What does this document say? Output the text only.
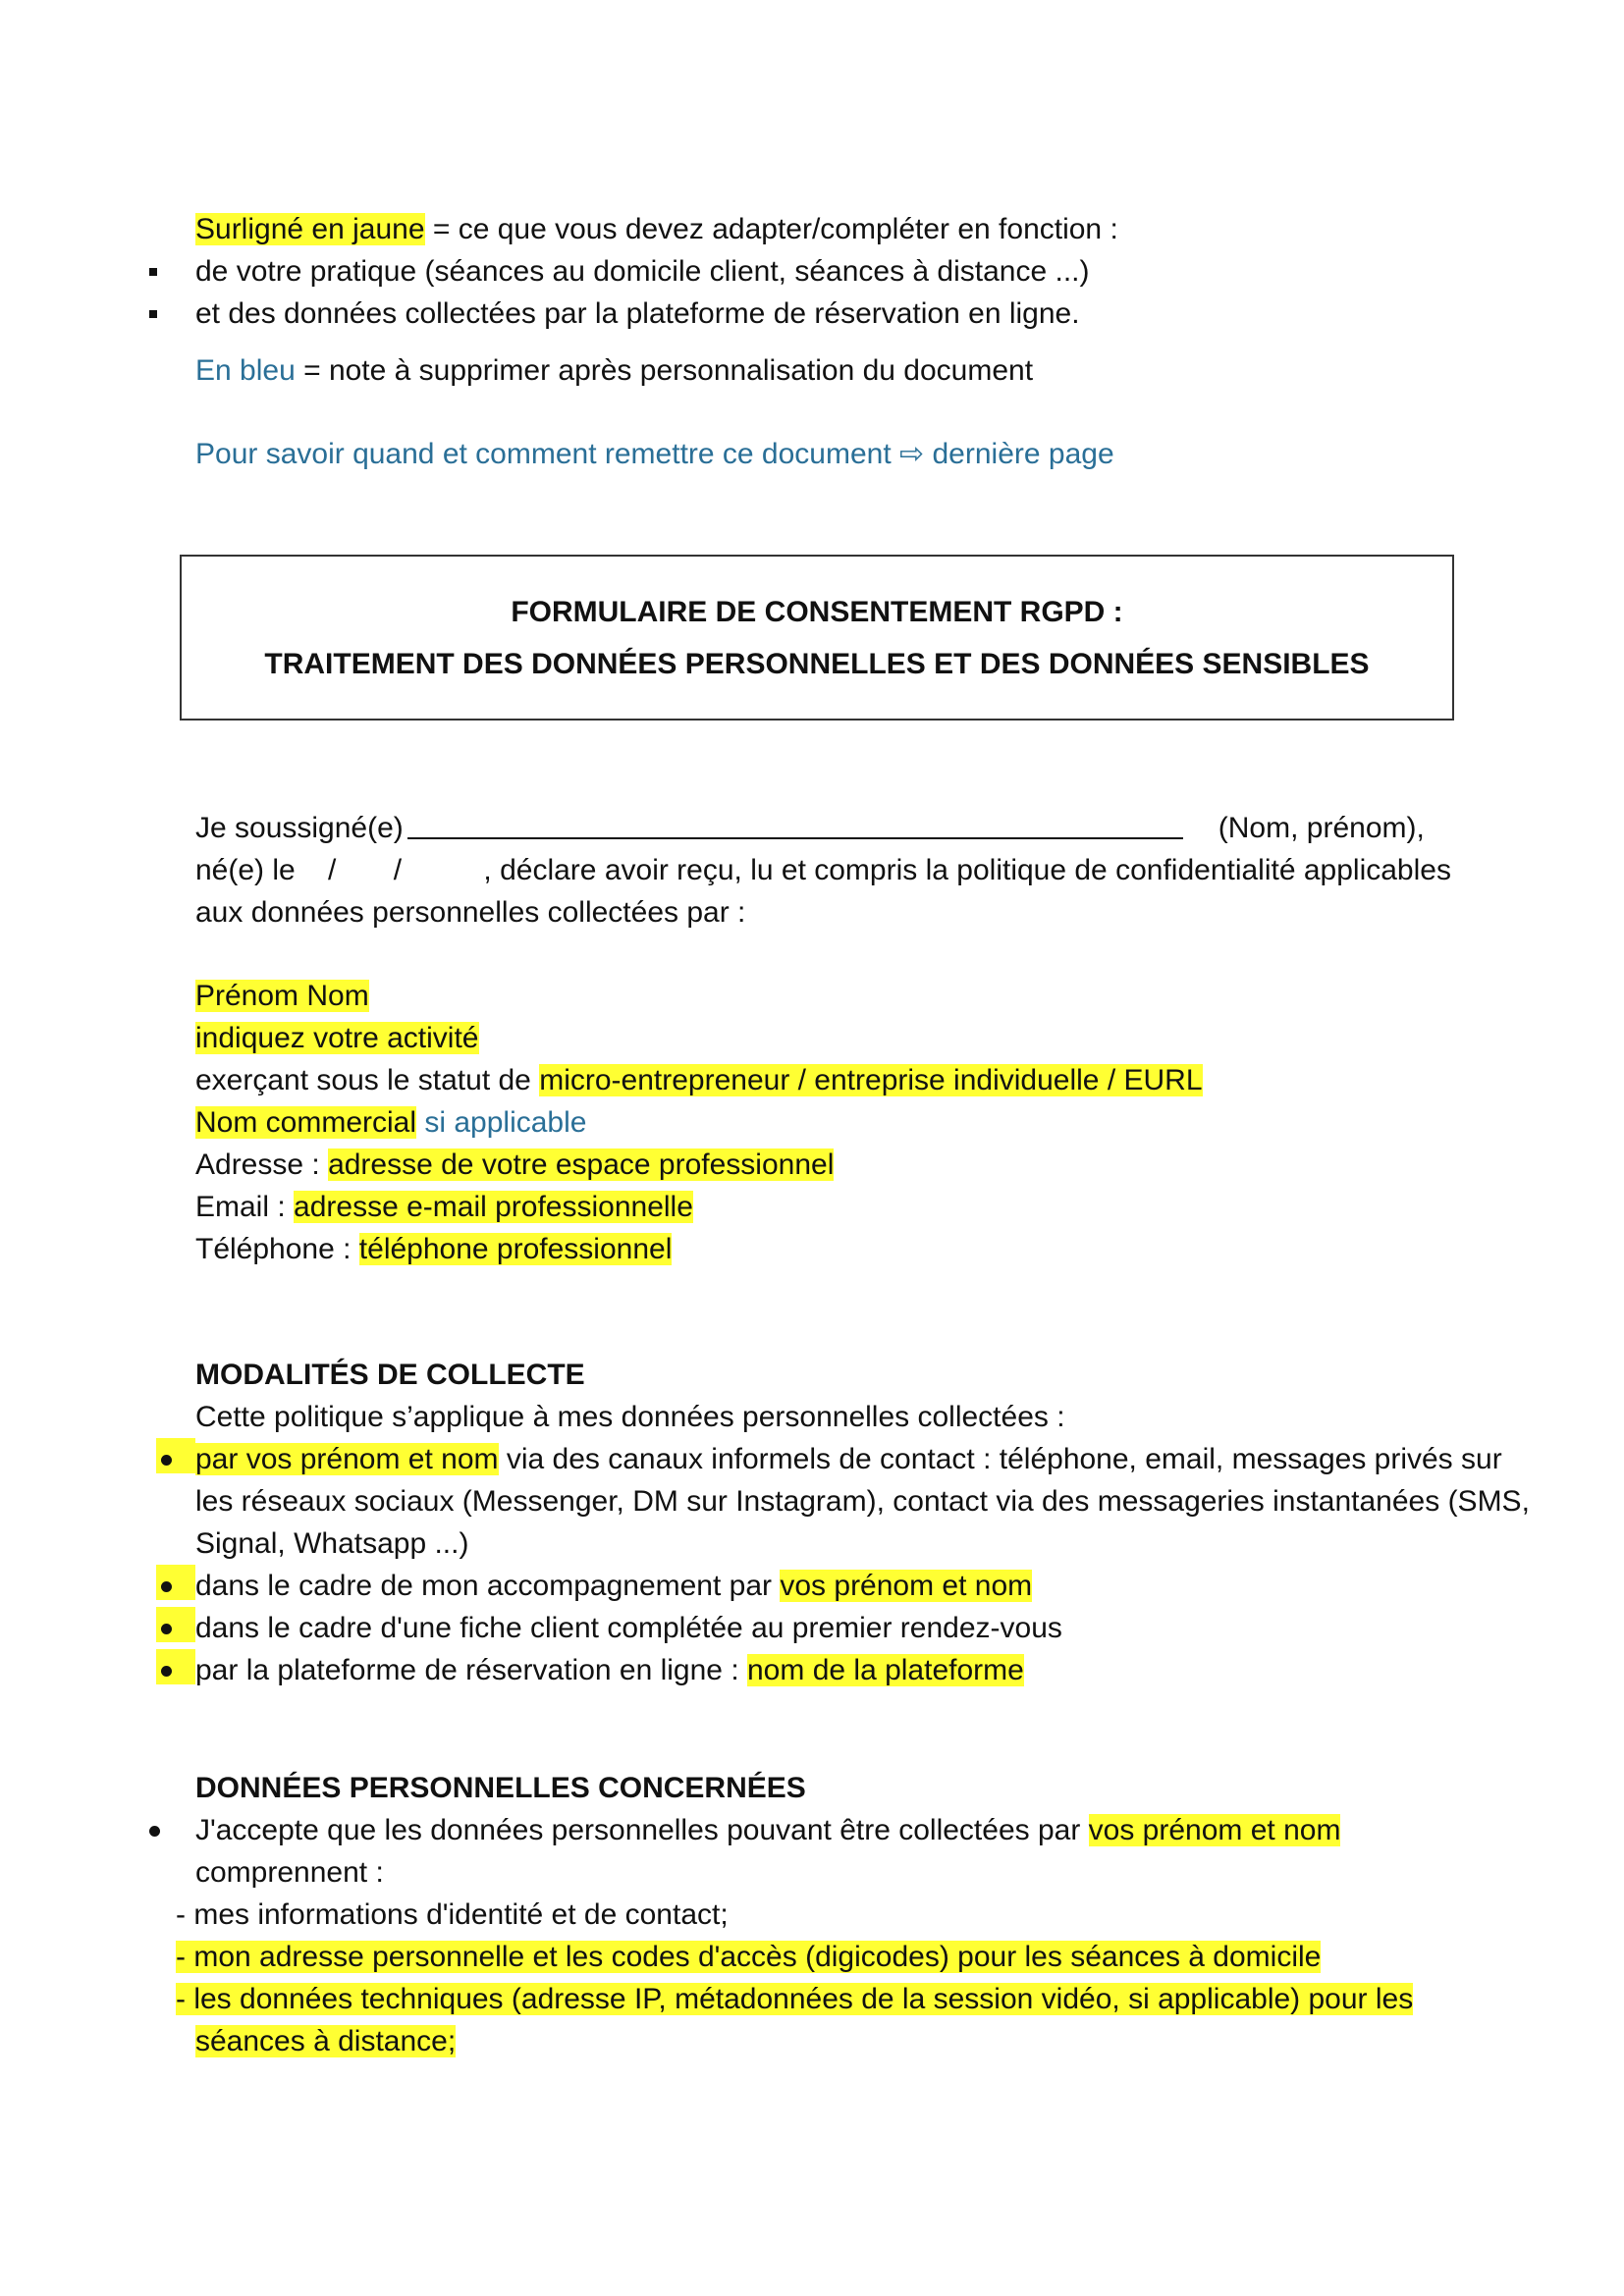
Surligné en jaune = ce que vous devez adapter/compléter en fonction :
de votre pratique (séances au domicile client, séances à distance ...)
et des données collectées par la plateforme de réservation en ligne.
En bleu = note à supprimer après personnalisation du document
Pour savoir quand et comment remettre ce document ⇨ dernière page
FORMULAIRE DE CONSENTEMENT RGPD :
TRAITEMENT DES DONNÉES PERSONNELLES ET DES DONNÉES SENSIBLES
Je soussigné(e)	(Nom, prénom),
né(e) le    /       /          , déclare avoir reçu, lu et compris la politique de confidentialité applicables
aux données personnelles collectées par :
Prénom Nom
indiquez votre activité
exerçant sous le statut de micro-entrepreneur / entreprise individuelle / EURL
Nom commercial si applicable
Adresse : adresse de votre espace professionnel
Email : adresse e-mail professionnelle
Téléphone : téléphone professionnel
MODALITÉS DE COLLECTE
Cette politique s’applique à mes données personnelles collectées :
par vos prénom et nom via des canaux informels de contact : téléphone, email, messages privés sur
les réseaux sociaux (Messenger, DM sur Instagram), contact via des messageries instantanées (SMS,
Signal, Whatsapp ...)
dans le cadre de mon accompagnement par vos prénom et nom
dans le cadre d'une fiche client complétée au premier rendez-vous
par la plateforme de réservation en ligne : nom de la plateforme
DONNÉES PERSONNELLES CONCERNÉES
J'accepte que les données personnelles pouvant être collectées par vos prénom et nom
comprennent :
- mes informations d'identité et de contact;
- mon adresse personnelle et les codes d'accès (digicodes) pour les séances à domicile
- les données techniques (adresse IP, métadonnées de la session vidéo, si applicable) pour les
séances à distance;
